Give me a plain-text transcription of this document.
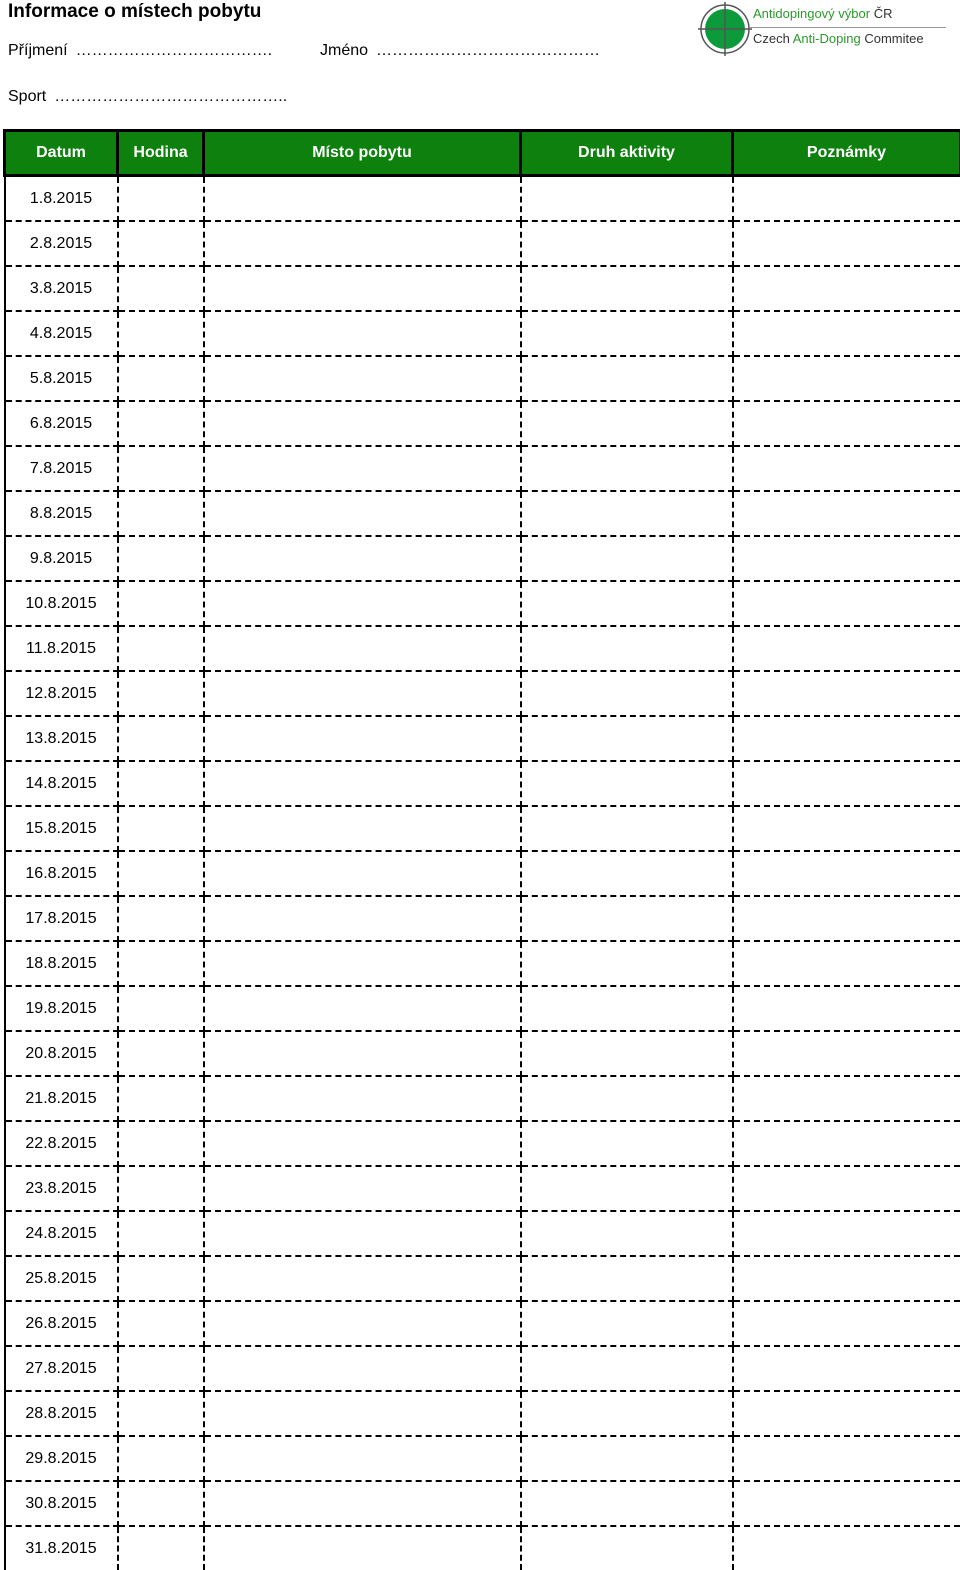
Informace o místech pobytu
Příjmení ……………………………….	Jméno ……………………………………
Sport ……………………………………..
Antidopingový výbor ČR
Czech Anti-Doping Commitee
Datum	Hodina	Místo pobytu	Druh aktivity	Poznámky
1.8.2015				
2.8.2015				
3.8.2015				
4.8.2015				
5.8.2015				
6.8.2015				
7.8.2015				
8.8.2015				
9.8.2015				
10.8.2015				
11.8.2015				
12.8.2015				
13.8.2015				
14.8.2015				
15.8.2015				
16.8.2015				
17.8.2015				
18.8.2015				
19.8.2015				
20.8.2015				
21.8.2015				
22.8.2015				
23.8.2015				
24.8.2015				
25.8.2015				
26.8.2015				
27.8.2015				
28.8.2015				
29.8.2015				
30.8.2015				
31.8.2015				
